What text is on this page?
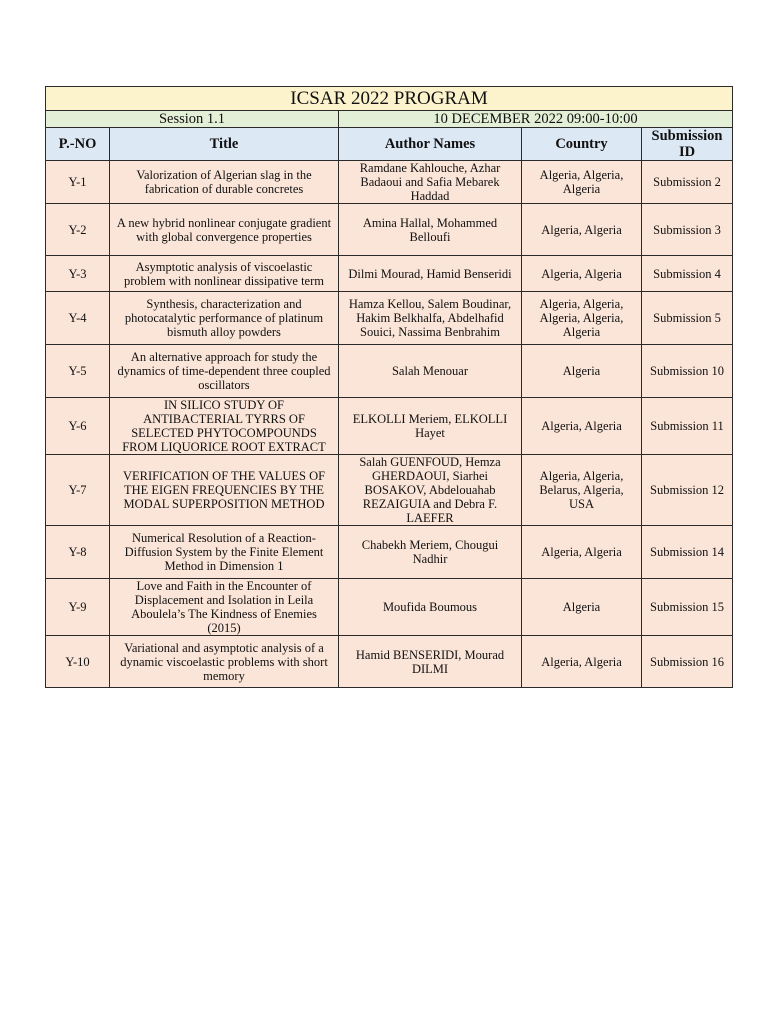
ICSAR 2022 PROGRAM				
Session 1.1		10 DECEMBER 2022 09:00-10:00		
P.-NO	Title	Author Names	Country	Submission ID
Y-1	Valorization of Algerian slag in the fabrication of durable concretes	Ramdane Kahlouche, Azhar Badaoui and Safia Mebarek Haddad	Algeria, Algeria, Algeria	Submission 2
Y-2	A new hybrid nonlinear conjugate gradient with global convergence properties	Amina Hallal, Mohammed Belloufi	Algeria, Algeria	Submission 3
Y-3	Asymptotic analysis of viscoelastic problem with nonlinear dissipative term	Dilmi Mourad, Hamid Benseridi	Algeria, Algeria	Submission 4
Y-4	Synthesis, characterization and photocatalytic performance of platinum bismuth alloy powders	Hamza Kellou, Salem Boudinar, Hakim Belkhalfa, Abdelhafid Souici, Nassima Benbrahim	Algeria, Algeria, Algeria, Algeria, Algeria	Submission 5
Y-5	An alternative approach for study the dynamics of time-dependent three coupled oscillators	Salah Menouar	Algeria	Submission 10
Y-6	IN SILICO STUDY OF ANTIBACTERIAL TYRRS OF SELECTED PHYTOCOMPOUNDS FROM LIQUORICE ROOT EXTRACT	ELKOLLI Meriem, ELKOLLI Hayet	Algeria, Algeria	Submission 11
Y-7	VERIFICATION OF THE VALUES OF THE EIGEN FREQUENCIES BY THE MODAL SUPERPOSITION METHOD	Salah GUENFOUD, Hemza GHERDAOUI, Siarhei BOSAKOV, Abdelouahab REZAIGUIA and Debra F. LAEFER	Algeria, Algeria, Belarus, Algeria, USA	Submission 12
Y-8	Numerical Resolution of a Reaction-Diffusion System by the Finite Element Method in Dimension 1	Chabekh Meriem, Chougui Nadhir	Algeria, Algeria	Submission 14
Y-9	Love and Faith in the Encounter of Displacement and Isolation in Leila Aboulela’s The Kindness of Enemies (2015)	Moufida Boumous	Algeria	Submission 15
Y-10	Variational and asymptotic analysis of a dynamic viscoelastic problems with short memory	Hamid BENSERIDI, Mourad DILMI	Algeria, Algeria	Submission 16
